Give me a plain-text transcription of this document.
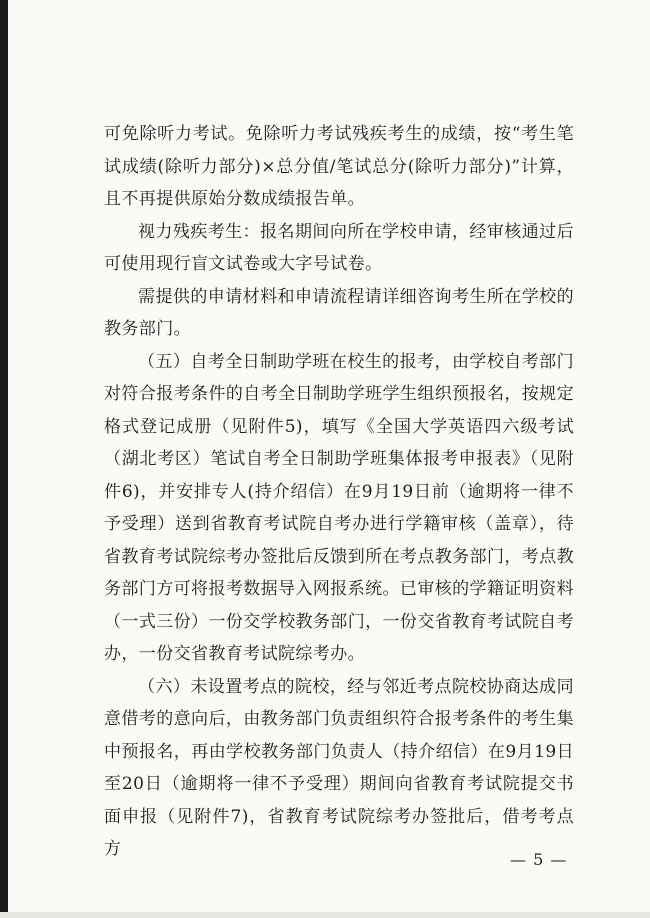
可免除听力考试。免除听力考试残疾考生的成绩，按“考生笔试成绩(除听力部分)×总分值/笔试总分(除听力部分)”计算，且不再提供原始分数成绩报告单。

视力残疾考生：报名期间向所在学校申请，经审核通过后可使用现行盲文试卷或大字号试卷。

需提供的申请材料和申请流程请详细咨询考生所在学校的教务部门。

（五）自考全日制助学班在校生的报考，由学校自考部门对符合报考条件的自考全日制助学班学生组织预报名，按规定格式登记成册（见附件5)，填写《全国大学英语四六级考试（湖北考区）笔试自考全日制助学班集体报考申报表》（见附件6)，并安排专人(持介绍信）在9月19日前（逾期将一律不予受理）送到省教育考试院自考办进行学籍审核（盖章），待省教育考试院综考办签批后反馈到所在考点教务部门，考点教务部门方可将报考数据导入网报系统。已审核的学籍证明资料（一式三份）一份交学校教务部门，一份交省教育考试院自考办，一份交省教育考试院综考办。

（六）未设置考点的院校，经与邻近考点院校协商达成同意借考的意向后，由教务部门负责组织符合报考条件的考生集中预报名，再由学校教务部门负责人（持介绍信）在9月19日至20日（逾期将一律不予受理）期间向省教育考试院提交书面申报（见附件7)，省教育考试院综考办签批后，借考考点方

— 5 —
